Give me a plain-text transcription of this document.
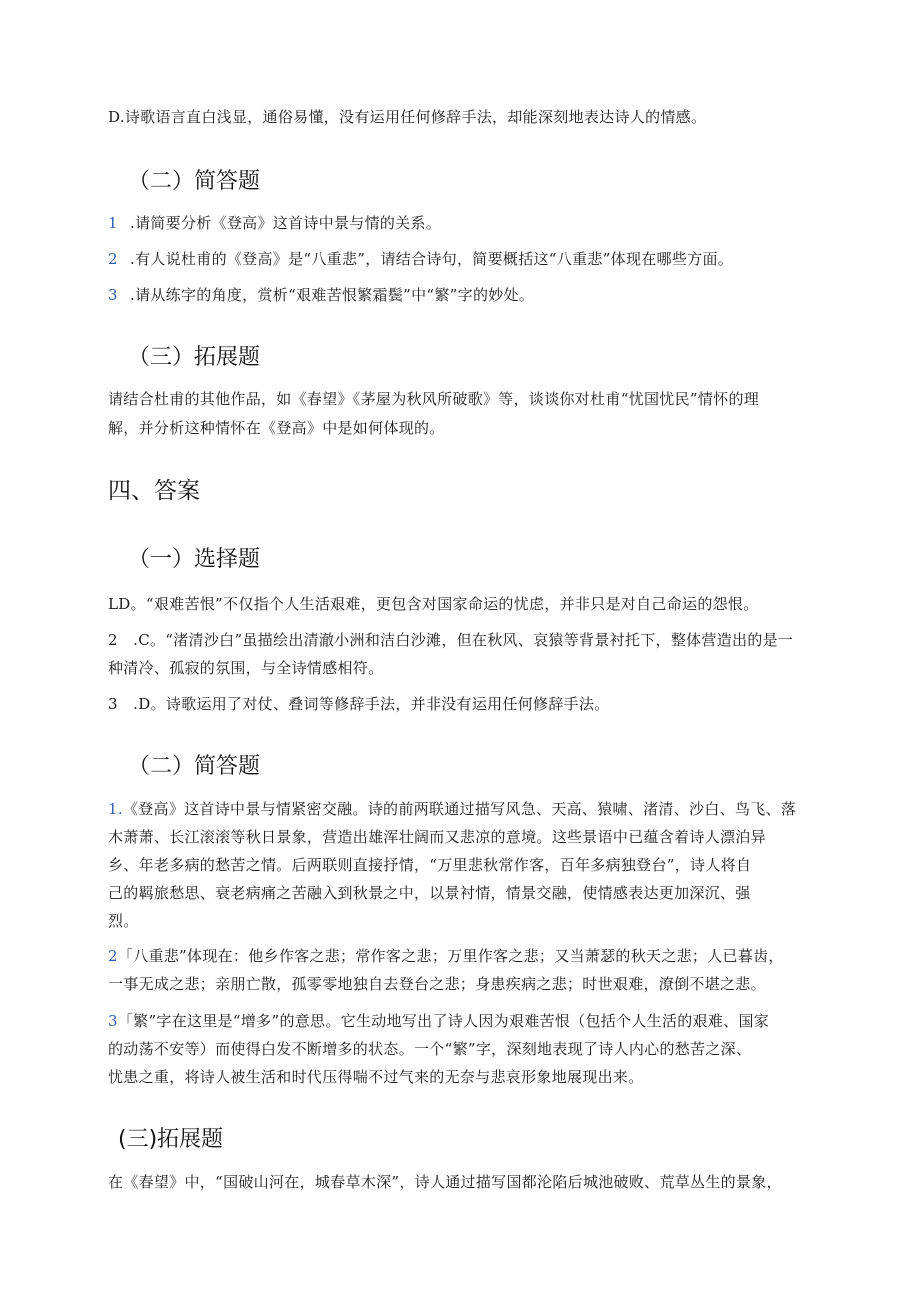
D.诗歌语言直白浅显，通俗易懂，没有运用任何修辞手法，却能深刻地表达诗人的情感。
（二）简答题
1 .请简要分析《登高》这首诗中景与情的关系。
2 .有人说杜甫的《登高》是“八重悲”，请结合诗句，简要概括这“八重悲”体现在哪些方面。
3 .请从练字的角度，赏析“艰难苦恨繁霜鬓”中“繁”字的妙处。
（三）拓展题
请结合杜甫的其他作品，如《春望》《茅屋为秋风所破歌》等，谈谈你对杜甫“忧国忧民”情怀的理
解，并分析这种情怀在《登高》中是如何体现的。
四、答案
（一）选择题
LD。“艰难苦恨”不仅指个人生活艰难，更包含对国家命运的忧虑，并非只是对自己命运的怨恨。
2　.C。“渚清沙白”虽描绘出清澈小洲和洁白沙滩，但在秋风、哀猿等背景衬托下，整体营造出的是一
种清冷、孤寂的氛围，与全诗情感相符。
3　.D。诗歌运用了对仗、叠词等修辞手法，并非没有运用任何修辞手法。
（二）简答题
1.《登高》这首诗中景与情紧密交融。诗的前两联通过描写风急、天高、猿啸、渚清、沙白、鸟飞、落
木萧萧、长江滚滚等秋日景象，营造出雄浑壮阔而又悲凉的意境。这些景语中已蕴含着诗人漂泊异
乡、年老多病的愁苦之情。后两联则直接抒情，“万里悲秋常作客，百年多病独登台”，诗人将自
己的羁旅愁思、衰老病痛之苦融入到秋景之中，以景衬情，情景交融，使情感表达更加深沉、强
烈。
2「八重悲”体现在：他乡作客之悲；常作客之悲；万里作客之悲；又当萧瑟的秋天之悲；人已暮齿，
一事无成之悲；亲朋亡散，孤零零地独自去登台之悲；身患疾病之悲；时世艰难，潦倒不堪之悲。
3「繁”字在这里是“增多”的意思。它生动地写出了诗人因为艰难苦恨（包括个人生活的艰难、国家
的动荡不安等）而使得白发不断增多的状态。一个“繁”字，深刻地表现了诗人内心的愁苦之深、
忧患之重，将诗人被生活和时代压得喘不过气来的无奈与悲哀形象地展现出来。
(三)拓展题
在《春望》中，“国破山河在，城春草木深”，诗人通过描写国都沦陷后城池破败、荒草丛生的景象，
